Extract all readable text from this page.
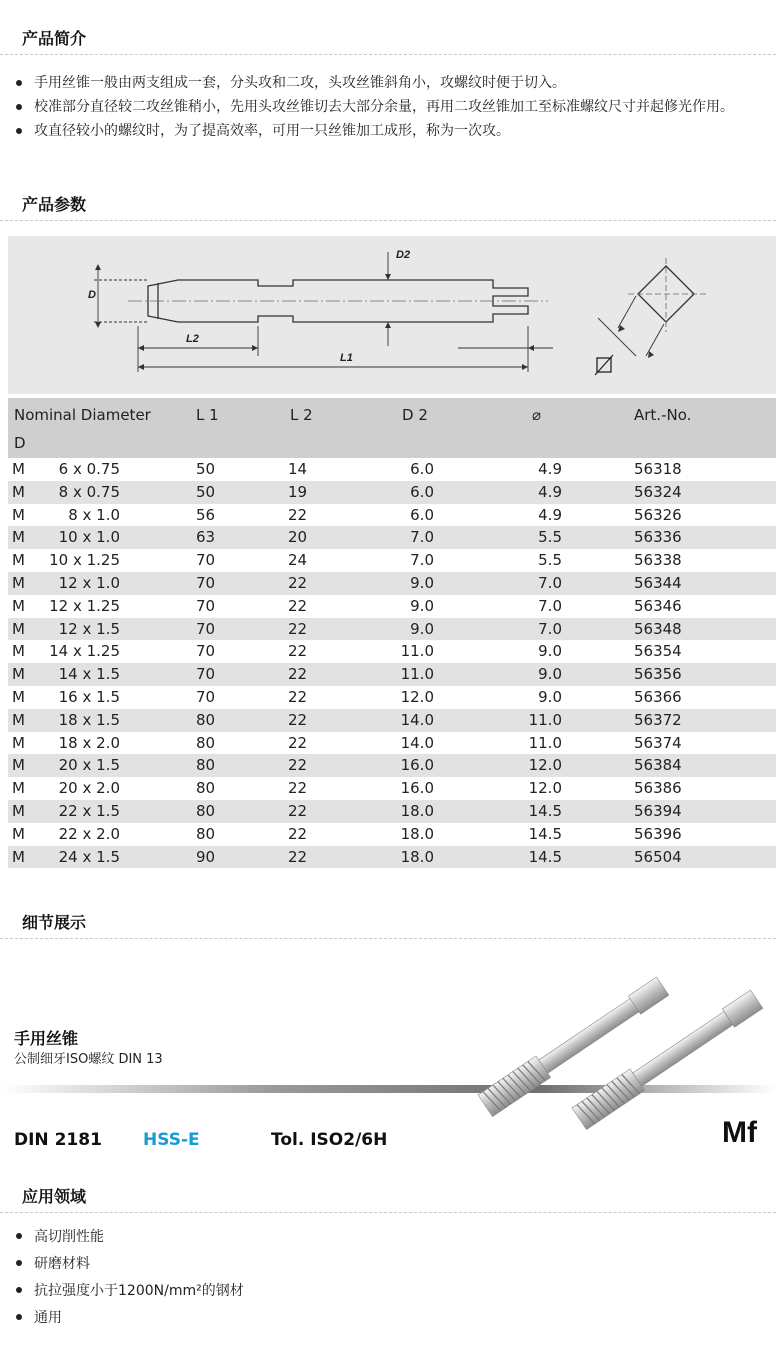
产品简介
手用丝锥一般由两支组成一套，分头攻和二攻，头攻丝锥斜角小，攻螺纹时便于切入。
校准部分直径较二攻丝锥稍小，先用头攻丝锥切去大部分余量，再用二攻丝锥加工至标准螺纹尺寸并起修光作用。
攻直径较小的螺纹时，为了提高效率，可用一只丝锥加工成形，称为一次攻。
产品参数
D
D2
L2
L1
Nominal Diameter
D
L 1	L 2	D 2	⌀	Art.-No.
M	6 x 0.75	50	14	6.0	4.9	56318
M	8 x 0.75	50	19	6.0	4.9	56324
M	8 x 1.0	56	22	6.0	4.9	56326
M	10 x 1.0	63	20	7.0	5.5	56336
M	10 x 1.25	70	24	7.0	5.5	56338
M	12 x 1.0	70	22	9.0	7.0	56344
M	12 x 1.25	70	22	9.0	7.0	56346
M	12 x 1.5	70	22	9.0	7.0	56348
M	14 x 1.25	70	22	11.0	9.0	56354
M	14 x 1.5	70	22	11.0	9.0	56356
M	16 x 1.5	70	22	12.0	9.0	56366
M	18 x 1.5	80	22	14.0	11.0	56372
M	18 x 2.0	80	22	14.0	11.0	56374
M	20 x 1.5	80	22	16.0	12.0	56384
M	20 x 2.0	80	22	16.0	12.0	56386
M	22 x 1.5	80	22	18.0	14.5	56394
M	22 x 2.0	80	22	18.0	14.5	56396
M	24 x 1.5	90	22	18.0	14.5	56504
细节展示
手用丝锥
公制细牙ISO螺纹 DIN 13
DIN 2181 HSS-E	Tol. ISO2/6H	Mf
应用领域
高切削性能
研磨材料
抗拉强度小于1200N/mm²的钢材
通用
